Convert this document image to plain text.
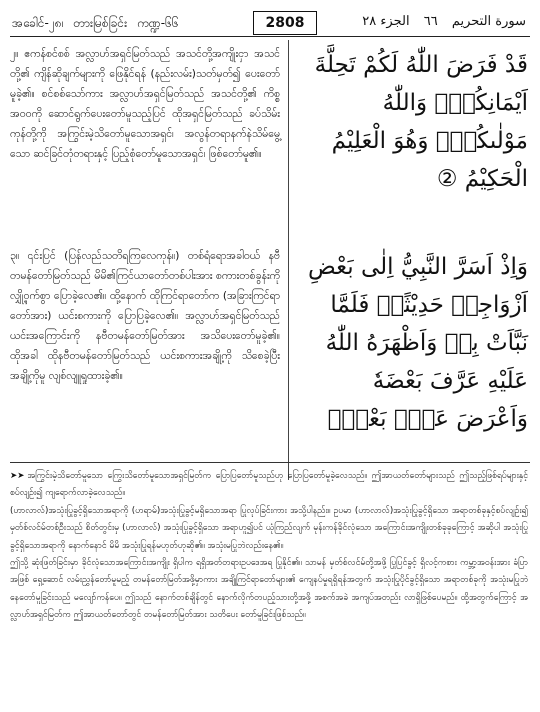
အခေါင်-၂၈၊ တားမြစ်ခြင်း ကဏ္ဍ-၆၆	2808	سورة التحريم ٦٦ الجزء ٢٨
၂။ ဧကန်စင်စစ် အလ္လာဟ်အရှင်မြတ်သည် အသင်တို့အကျိုးငှာ အသင်တို့၏ ကျိန်ဆိုချက်များကို ဖြေနိုင်ရန် (နည်းလမ်း)သတ်မှတ်၍ ပေးတော်မူခဲ့၏။ စင်စစ်သော်ကား အလ္လာဟ်အရှင်မြတ်သည် အသင်တို့၏ ကိစ္စအဝဝကို ဆောင်ရွက်ပေးတော်မူသည့်ပြင် ထိုအရှင်မြတ်သည် ခပ်သိမ်းကုန်တို့ကို အကြွင်းမဲ့သိတော်မူသောအရှင်၊ အလွန်တရာနက်နဲသိမ်မွေ့သော ဆင်ခြင်တုံတရားနှင့် ပြည့်စုံတော်မူသောအရှင်၊ ဖြစ်တော်မူ၏။
قَدْ فَرَضَ اللّٰهُ لَكُمْ تَحِلَّةَ اَيْمَانِكُمْۚ وَاللّٰهُ مَوْلٰىكُمْۚ وَهُوَ الْعَلِيْمُ الْحَكِيْمُ ②
၃။ ၎င်းပြင် (ပြန်လည်သတိရကြလေကုန်။) တစ်ရံရောအခါဝယ် နဗီတမန်တော်မြတ်သည် မိမိ၏ကြင်ယာတော်တစ်ပါးအား စကားတစ်ခွန်းကို လျှို့ဝှက်စွာ ပြောခဲ့လေ၏။ ထို့နောက် ထိုကြင်ရာတော်က (အခြားကြင်ရာတော်အား) ယင်းစကားကို ပြောပြခဲ့လေ၏။ အလ္လာဟ်အရှင်မြတ်သည် ယင်းအကြောင်းကို နဗီတမန်တော်မြတ်အား အသိပေးတော်မူခဲ့၏။ ထိုအခါ ထိုနဗီတမန်တော်မြတ်သည် ယင်းစကားအချို့ကို သိစေခဲ့ပြီး အချို့ကိုမူ လျစ်လျူရှုထားခဲ့၏။
وَاِذْ اَسَرَّ النَّبِيُّ اِلٰى بَعْضِ اَزْوَاجِهٖ حَدِيْثًاۚ فَلَمَّا نَبَّاَتْ بِهٖ وَاَظْهَرَهُ اللّٰهُ عَلَيْهِ عَرَّفَ بَعْضَهٗ وَاَعْرَضَ عَنْۢ بَعْضٍۚ

➤➤ အကြွင်းမဲ့သိတော်မူသော ကြွေးသိတော်မူသောအရှင်မြတ်က ပြောပြတော်မူသည်ဟု ပြောပြတော်မူခဲ့လေသည်။ ဤအာယတ်တော်များသည် ဤသည့်ဖြစ်ရပ်များနှင့်စပ်လျဉ်း၍ ကျရောက်လာခဲ့လေသည်။

(ဟာလာလ်)အသုံးပြုခွင့်ရှိသောအရာကို (ဟရာမ်)အသုံးပြုခွင့်မရှိသောအရာ ပြုလုပ်ခြင်းကား အသို့ပါနည်း။ ဥပမာ (ဟာလာလ်)အသုံးပြုခွင့်ရှိသော အရာတစ်ခုနှင့်စပ်လျဉ်း၍ မှတ်စ်လင်မ်တစ်ဦးသည် စိတ်တွင်းမှ (ဟာလာလ်) အသုံးပြုခွင့်ရှိသော အရာဟူ၍ပင် ယုံကြည်လျက် မုန်းကန်ခိုင်လုံသော အကြောင်းအကျိုးတစ်ခုခုကြောင့် အဆိုပါ အသုံးပြုခွင့်ရှိသောအရာကို နောက်နောင် မိမိ အသုံးပြုရန်မဟုတ်ဟုဆို၏။ အသုံးမပြုဘဲလည်းနေ၏။

ဤသို့ ဆုံးဖြတ်ခြင်းမှာ ခိုင်လုံသောအကြောင်းအကျိုး ရှိပါက ရရှိအတ်တရားဥပဒေအရ ပြုနိုင်၏။ သာမန် မှတ်စ်လင်မ်တို့အဖို့ ပြုပြင်ခွင့် ရှိလင့်ကစား ကမ္ဘာ့အဝန်းအား ခံပြာအဖြစ် ရှေ့ဆောင် လမ်းညွှန်တော်မူမည့် တမန်တော်မြတ်အဖို့မှာကား အချို့ကြင်ရာတော်များ၏ ကျေနပ်မှုရရှိရန်အတွက် အသုံးပြုပိုင်ခွင့်ရှိသော အရာတစ်ခုကို အသုံးမပြုဘဲနေတော်မူခြင်းသည် မလျော်ကန်ပေ။ ဤသည် နောက်တစ်ချိန်တွင် နောက်လိုက်တပည့်သားတို့အဖို့ အစက်အခဲ အကျပ်အတည်း လာရှိဖြစ်ပေမည်။ ထို့အတွက်ကြောင့် အလ္လာဟ်အရှင်မြတ်က ဤအာယတ်တော်တွင် တမန်တော်မြတ်အား သတိပေး တော်မူခြင်းဖြစ်သည်။
